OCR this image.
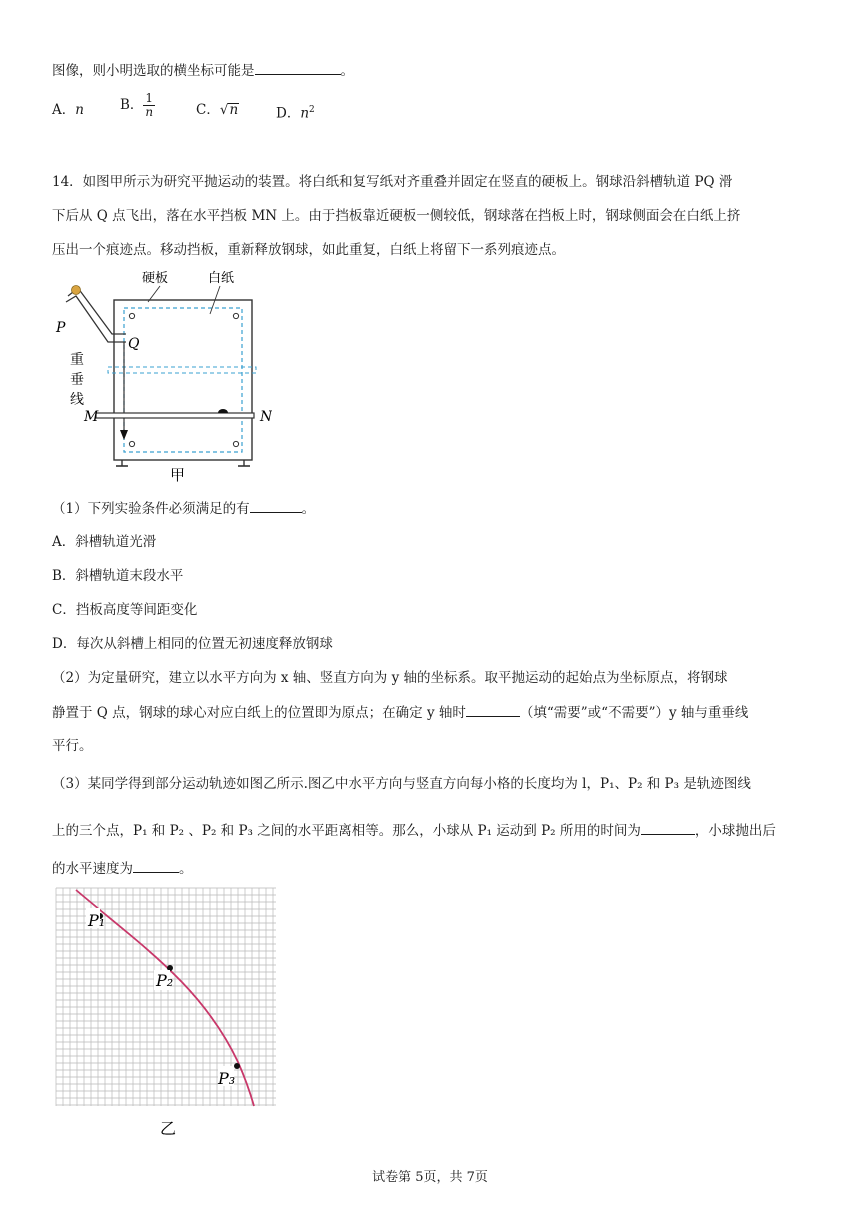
图像，则小明选取的横坐标可能是	。
A．n	B． $\frac{1}{n}$	C．√n	D．$n^2$
14．如图甲所示为研究平抛运动的装置。将白纸和复写纸对齐重叠并固定在竖直的硬板上。钢球沿斜槽轨道 PQ 滑
下后从 Q 点飞出，落在水平挡板 MN 上。由于挡板靠近硬板一侧较低，钢球落在挡板上时，钢球侧面会在白纸上挤
压出一个痕迹点。移动挡板，重新释放钢球，如此重复，白纸上将留下一系列痕迹点。
硬板	白纸
P
Q
重
垂
线
M	N
甲
（1）下列实验条件必须满足的有	。
A．斜槽轨道光滑
B．斜槽轨道末段水平
C．挡板高度等间距变化
D．每次从斜槽上相同的位置无初速度释放钢球
（2）为定量研究，建立以水平方向为 x 轴、竖直方向为 y 轴的坐标系。取平抛运动的起始点为坐标原点，将钢球
静置于 Q 点，钢球的球心对应白纸上的位置即为原点；在确定 y 轴时	（填“需要”或“不需要”）y 轴与重垂线
平行。
（3）某同学得到部分运动轨迹如图乙所示.图乙中水平方向与竖直方向每小格的长度均为 l，P₁、P₂ 和 P₃ 是轨迹图线
上的三个点，P₁ 和 P₂ 、P₂ 和 P₃ 之间的水平距离相等。那么，小球从 P₁ 运动到 P₂ 所用的时间为	，小球抛出后
的水平速度为	。
P₁
P₂
P₃
乙
试卷第 5页，共 7页
